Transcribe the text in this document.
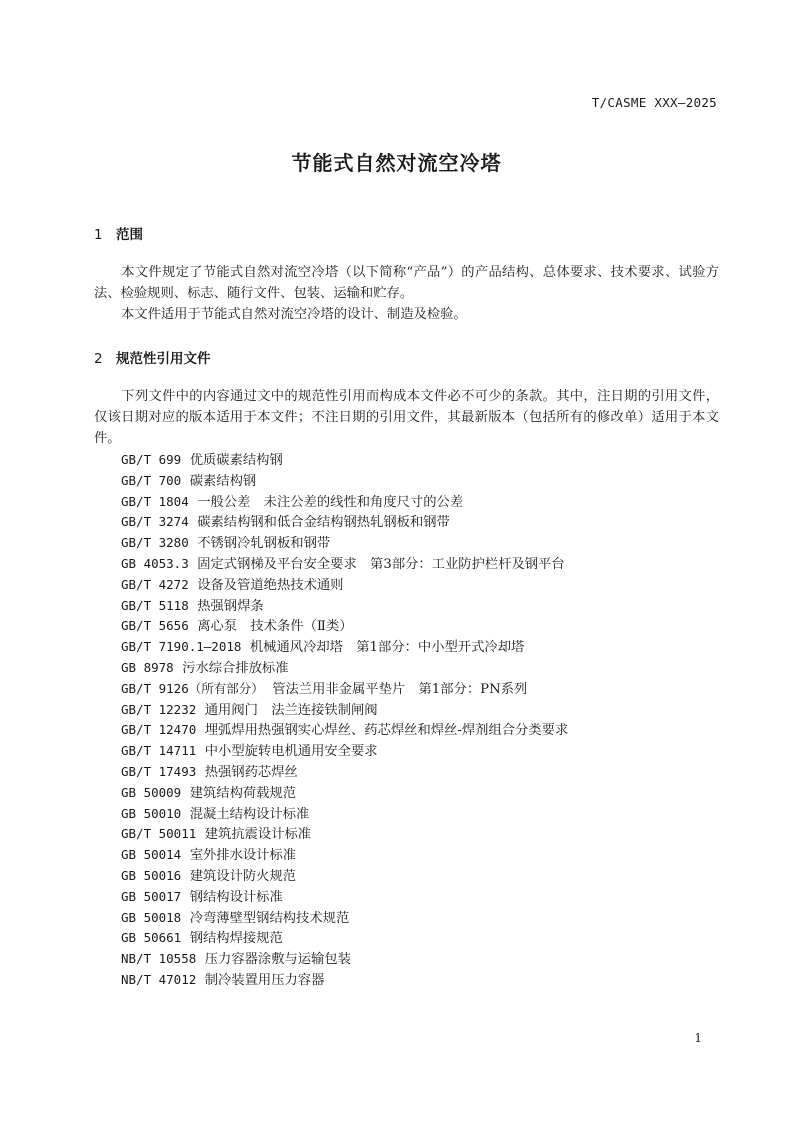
T/CASME XXX—2025
节能式自然对流空冷塔
1 范围
本文件规定了节能式自然对流空冷塔（以下简称“产品”）的产品结构、总体要求、技术要求、试验方法、检验规则、标志、随行文件、包装、运输和贮存。
本文件适用于节能式自然对流空冷塔的设计、制造及检验。
2 规范性引用文件
下列文件中的内容通过文中的规范性引用而构成本文件必不可少的条款。其中，注日期的引用文件，仅该日期对应的版本适用于本文件；不注日期的引用文件，其最新版本（包括所有的修改单）适用于本文件。
GB/T 699 优质碳素结构钢
GB/T 700 碳素结构钢
GB/T 1804 一般公差　未注公差的线性和角度尺寸的公差
GB/T 3274 碳素结构钢和低合金结构钢热轧钢板和钢带
GB/T 3280 不锈钢冷轧钢板和钢带
GB 4053.3 固定式钢梯及平台安全要求　第3部分：工业防护栏杆及钢平台
GB/T 4272 设备及管道绝热技术通则
GB/T 5118 热强钢焊条
GB/T 5656 离心泵　技术条件（Ⅱ类）
GB/T 7190.1—2018 机械通风冷却塔　第1部分：中小型开式冷却塔
GB 8978 污水综合排放标准
GB/T 9126（所有部分） 管法兰用非金属平垫片　第1部分：PN系列
GB/T 12232 通用阀门　法兰连接铁制闸阀
GB/T 12470 埋弧焊用热强钢实心焊丝、药芯焊丝和焊丝-焊剂组合分类要求
GB/T 14711 中小型旋转电机通用安全要求
GB/T 17493 热强钢药芯焊丝
GB 50009 建筑结构荷载规范
GB 50010 混凝土结构设计标准
GB/T 50011 建筑抗震设计标准
GB 50014 室外排水设计标准
GB 50016 建筑设计防火规范
GB 50017 钢结构设计标准
GB 50018 冷弯薄壁型钢结构技术规范
GB 50661 钢结构焊接规范
NB/T 10558 压力容器涂敷与运输包装
NB/T 47012 制冷装置用压力容器
1
